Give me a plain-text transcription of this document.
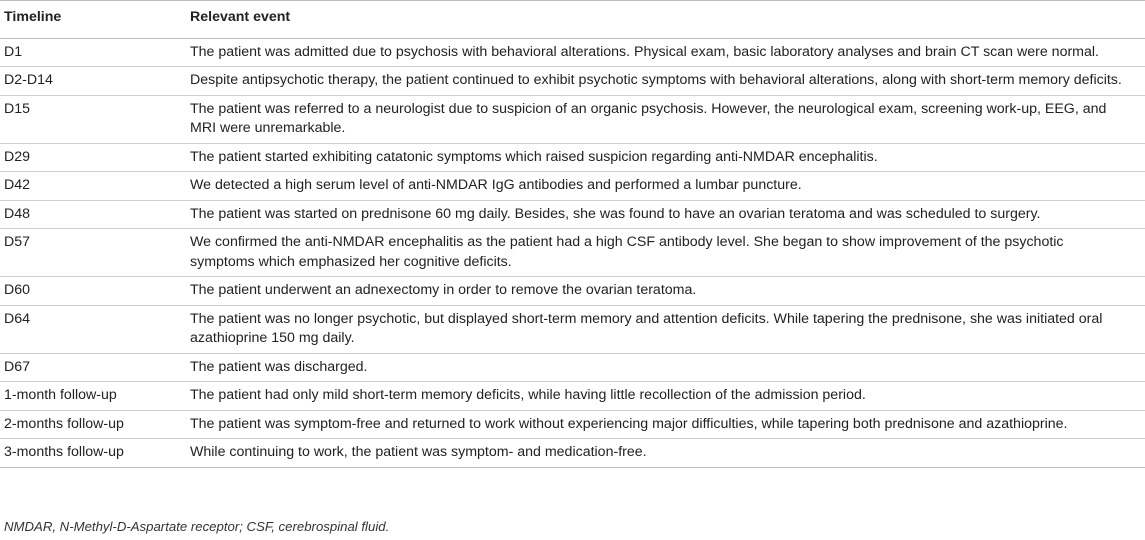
Timeline	Relevant event
D1	The patient was admitted due to psychosis with behavioral alterations. Physical exam, basic laboratory analyses and brain CT scan were normal.
D2-D14	Despite antipsychotic therapy, the patient continued to exhibit psychotic symptoms with behavioral alterations, along with short-term memory deficits.
D15	The patient was referred to a neurologist due to suspicion of an organic psychosis. However, the neurological exam, screening work-up, EEG, and MRI were unremarkable.
D29	The patient started exhibiting catatonic symptoms which raised suspicion regarding anti-NMDAR encephalitis.
D42	We detected a high serum level of anti-NMDAR IgG antibodies and performed a lumbar puncture.
D48	The patient was started on prednisone 60 mg daily. Besides, she was found to have an ovarian teratoma and was scheduled to surgery.
D57	We confirmed the anti-NMDAR encephalitis as the patient had a high CSF antibody level. She began to show improvement of the psychotic symptoms which emphasized her cognitive deficits.
D60	The patient underwent an adnexectomy in order to remove the ovarian teratoma.
D64	The patient was no longer psychotic, but displayed short-term memory and attention deficits. While tapering the prednisone, she was initiated oral azathioprine 150 mg daily.
D67	The patient was discharged.
1-month follow-up	The patient had only mild short-term memory deficits, while having little recollection of the admission period.
2-months follow-up	The patient was symptom-free and returned to work without experiencing major difficulties, while tapering both prednisone and azathioprine.
3-months follow-up	While continuing to work, the patient was symptom- and medication-free.
NMDAR, N-Methyl-D-Aspartate receptor; CSF, cerebrospinal fluid.
